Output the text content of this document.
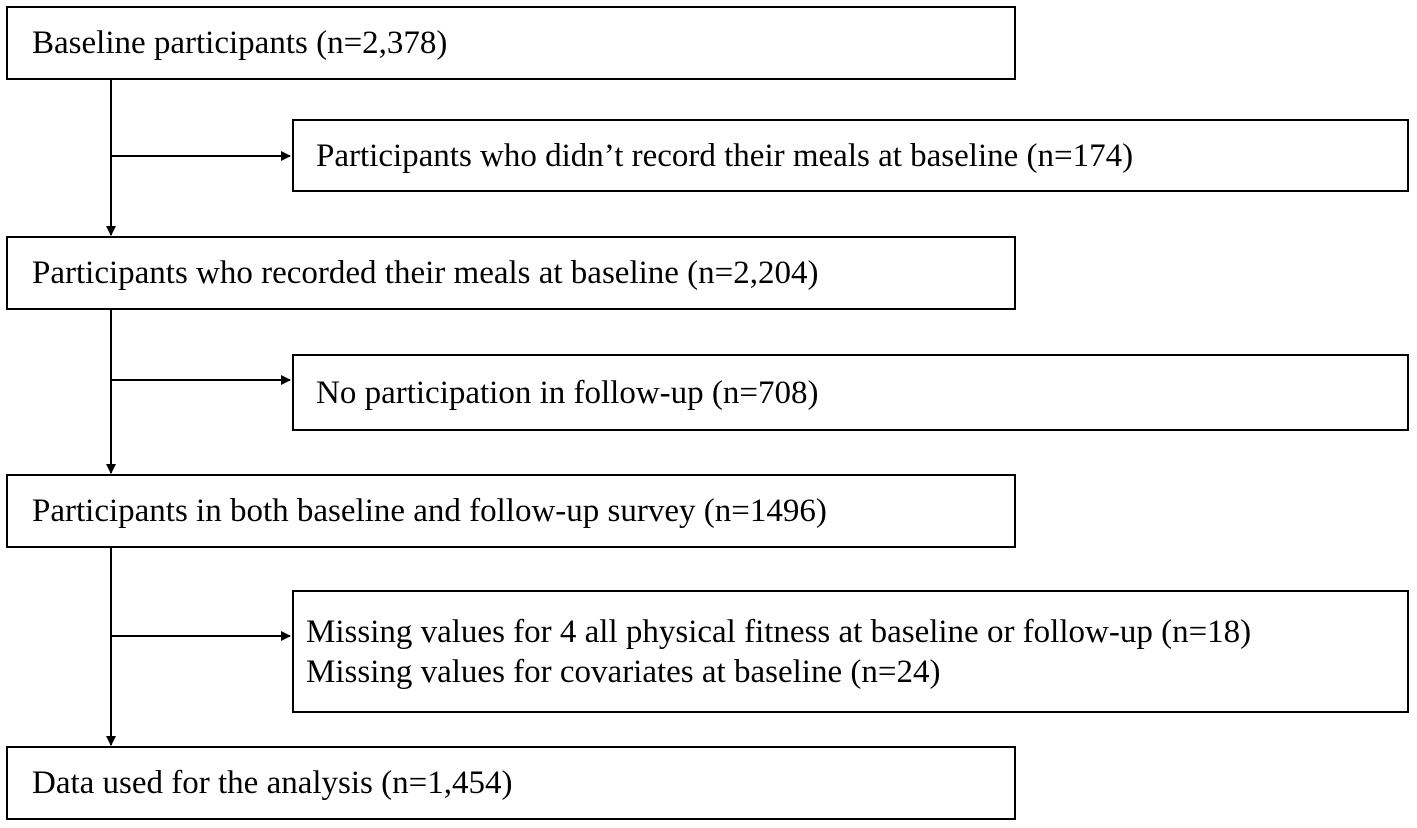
Baseline participants (n=2,378)
Participants who recorded their meals at baseline (n=2,204)
Participants in both baseline and follow-up survey (n=1496)
Data used for the analysis (n=1,454)
Participants who didn’t record their meals at baseline (n=174)
No participation in follow-up (n=708)
Missing values for 4 all physical fitness at baseline or follow-up (n=18)
Missing values for covariates at baseline (n=24)
